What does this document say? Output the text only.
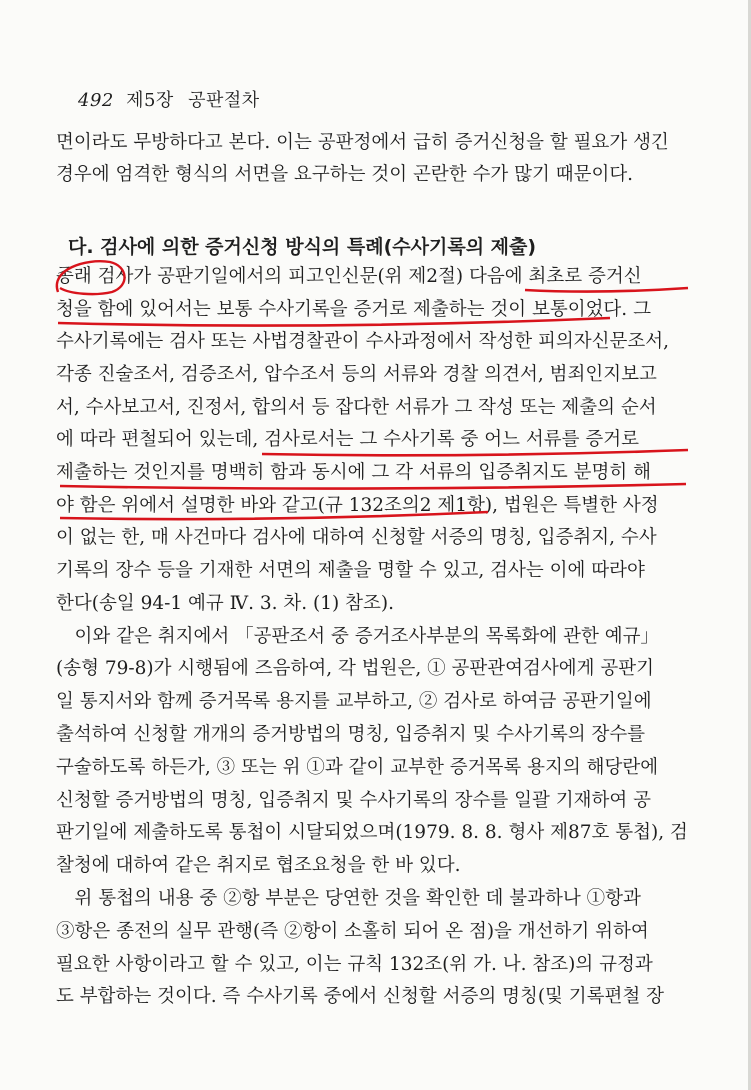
492 제5장 공판절차
면이라도 무방하다고 본다. 이는 공판정에서 급히 증거신청을 할 필요가 생긴
경우에 엄격한 형식의 서면을 요구하는 것이 곤란한 수가 많기 때문이다.
다. 검사에 의한 증거신청 방식의 특례(수사기록의 제출)
종래 검사가 공판기일에서의 피고인신문(위 제2절) 다음에 최초로 증거신
청을 함에 있어서는 보통 수사기록을 증거로 제출하는 것이 보통이었다. 그
수사기록에는 검사 또는 사법경찰관이 수사과정에서 작성한 피의자신문조서,
각종 진술조서, 검증조서, 압수조서 등의 서류와 경찰 의견서, 범죄인지보고
서, 수사보고서, 진정서, 합의서 등 잡다한 서류가 그 작성 또는 제출의 순서
에 따라 편철되어 있는데, 검사로서는 그 수사기록 중 어느 서류를 증거로
제출하는 것인지를 명백히 함과 동시에 그 각 서류의 입증취지도 분명히 해
야 함은 위에서 설명한 바와 같고(규 132조의2 제1항), 법원은 특별한 사정
이 없는 한, 매 사건마다 검사에 대하여 신청할 서증의 명칭, 입증취지, 수사
기록의 장수 등을 기재한 서면의 제출을 명할 수 있고, 검사는 이에 따라야
한다(송일 94-1 예규 Ⅳ. 3. 차. (1) 참조).
　이와 같은 취지에서 「공판조서 중 증거조사부분의 목록화에 관한 예규」
(송형 79-8)가 시행됨에 즈음하여, 각 법원은, ① 공판관여검사에게 공판기
일 통지서와 함께 증거목록 용지를 교부하고, ② 검사로 하여금 공판기일에
출석하여 신청할 개개의 증거방법의 명칭, 입증취지 및 수사기록의 장수를
구술하도록 하든가, ③ 또는 위 ①과 같이 교부한 증거목록 용지의 해당란에
신청할 증거방법의 명칭, 입증취지 및 수사기록의 장수를 일괄 기재하여 공
판기일에 제출하도록 통첩이 시달되었으며(1979. 8. 8. 형사 제87호 통첩), 검
찰청에 대하여 같은 취지로 협조요청을 한 바 있다.
　위 통첩의 내용 중 ②항 부분은 당연한 것을 확인한 데 불과하나 ①항과
③항은 종전의 실무 관행(즉 ②항이 소홀히 되어 온 점)을 개선하기 위하여
필요한 사항이라고 할 수 있고, 이는 규칙 132조(위 가. 나. 참조)의 규정과
도 부합하는 것이다. 즉 수사기록 중에서 신청할 서증의 명칭(및 기록편철 장
